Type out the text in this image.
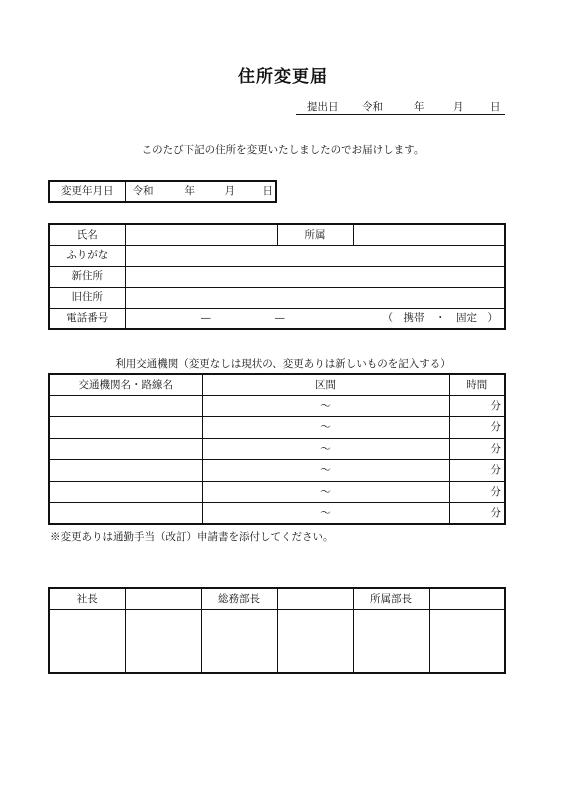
住所変更届
提出日 令和	年	月	日
このたび下記の住所を変更いたしましたのでお届けします。
変更年月日	令和	年	月	日
氏名		所属	
ふりがな			
新住所			
旧住所			
電話番号	— — （　携帯　・　固定　）		
利用交通機関（変更なしは現状の、変更ありは新しいものを記入する）
交通機関名・路線名	区間	時間
	～	分
	～	分
	～	分
	～	分
	～	分
	～	分
※変更ありは通勤手当（改訂）申請書を添付してください。
社長		総務部長		所属部長	
